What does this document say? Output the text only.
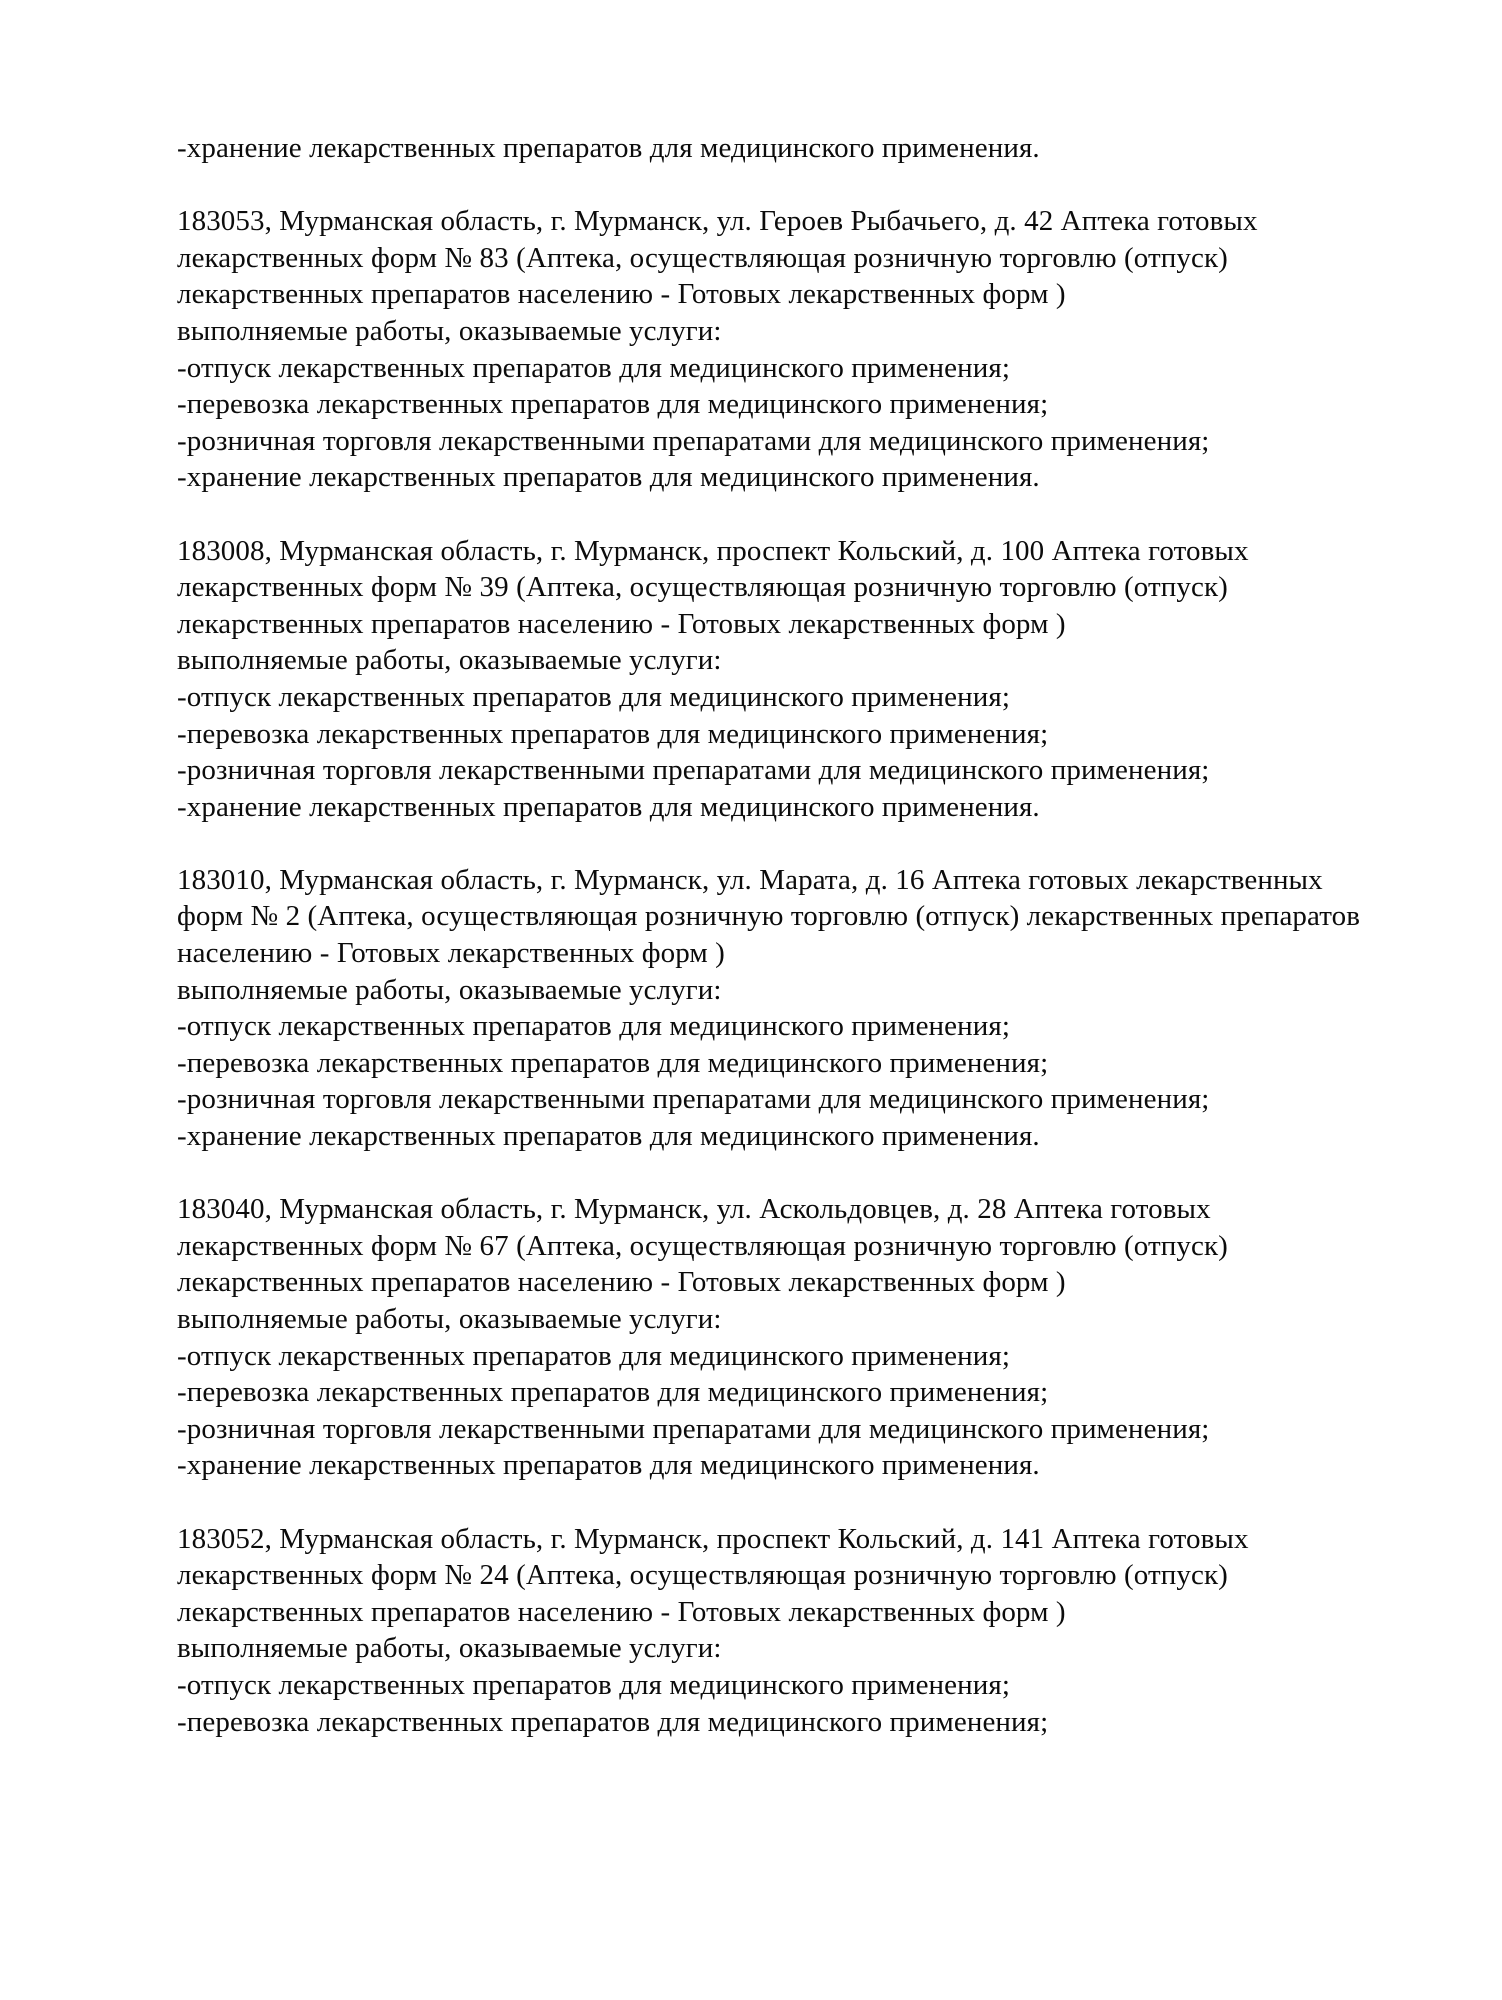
-хранение лекарственных препаратов для медицинского применения.
183053, Мурманская область, г. Мурманск, ул. Героев Рыбачьего, д. 42 Аптека готовых
лекарственных форм № 83 (Аптека, осуществляющая розничную торговлю (отпуск)
лекарственных препаратов населению - Готовых лекарственных форм )
выполняемые работы, оказываемые услуги:
-отпуск лекарственных препаратов для медицинского применения;
-перевозка лекарственных препаратов для медицинского применения;
-розничная торговля лекарственными препаратами для медицинского применения;
-хранение лекарственных препаратов для медицинского применения.
183008, Мурманская область, г. Мурманск, проспект Кольский, д. 100 Аптека готовых
лекарственных форм № 39 (Аптека, осуществляющая розничную торговлю (отпуск)
лекарственных препаратов населению - Готовых лекарственных форм )
выполняемые работы, оказываемые услуги:
-отпуск лекарственных препаратов для медицинского применения;
-перевозка лекарственных препаратов для медицинского применения;
-розничная торговля лекарственными препаратами для медицинского применения;
-хранение лекарственных препаратов для медицинского применения.
183010, Мурманская область, г. Мурманск, ул. Марата, д. 16 Аптека готовых лекарственных
форм № 2 (Аптека, осуществляющая розничную торговлю (отпуск) лекарственных препаратов
населению - Готовых лекарственных форм )
выполняемые работы, оказываемые услуги:
-отпуск лекарственных препаратов для медицинского применения;
-перевозка лекарственных препаратов для медицинского применения;
-розничная торговля лекарственными препаратами для медицинского применения;
-хранение лекарственных препаратов для медицинского применения.
183040, Мурманская область, г. Мурманск, ул. Аскольдовцев, д. 28 Аптека готовых
лекарственных форм № 67 (Аптека, осуществляющая розничную торговлю (отпуск)
лекарственных препаратов населению - Готовых лекарственных форм )
выполняемые работы, оказываемые услуги:
-отпуск лекарственных препаратов для медицинского применения;
-перевозка лекарственных препаратов для медицинского применения;
-розничная торговля лекарственными препаратами для медицинского применения;
-хранение лекарственных препаратов для медицинского применения.
183052, Мурманская область, г. Мурманск, проспект Кольский, д. 141 Аптека готовых
лекарственных форм № 24 (Аптека, осуществляющая розничную торговлю (отпуск)
лекарственных препаратов населению - Готовых лекарственных форм )
выполняемые работы, оказываемые услуги:
-отпуск лекарственных препаратов для медицинского применения;
-перевозка лекарственных препаратов для медицинского применения;
